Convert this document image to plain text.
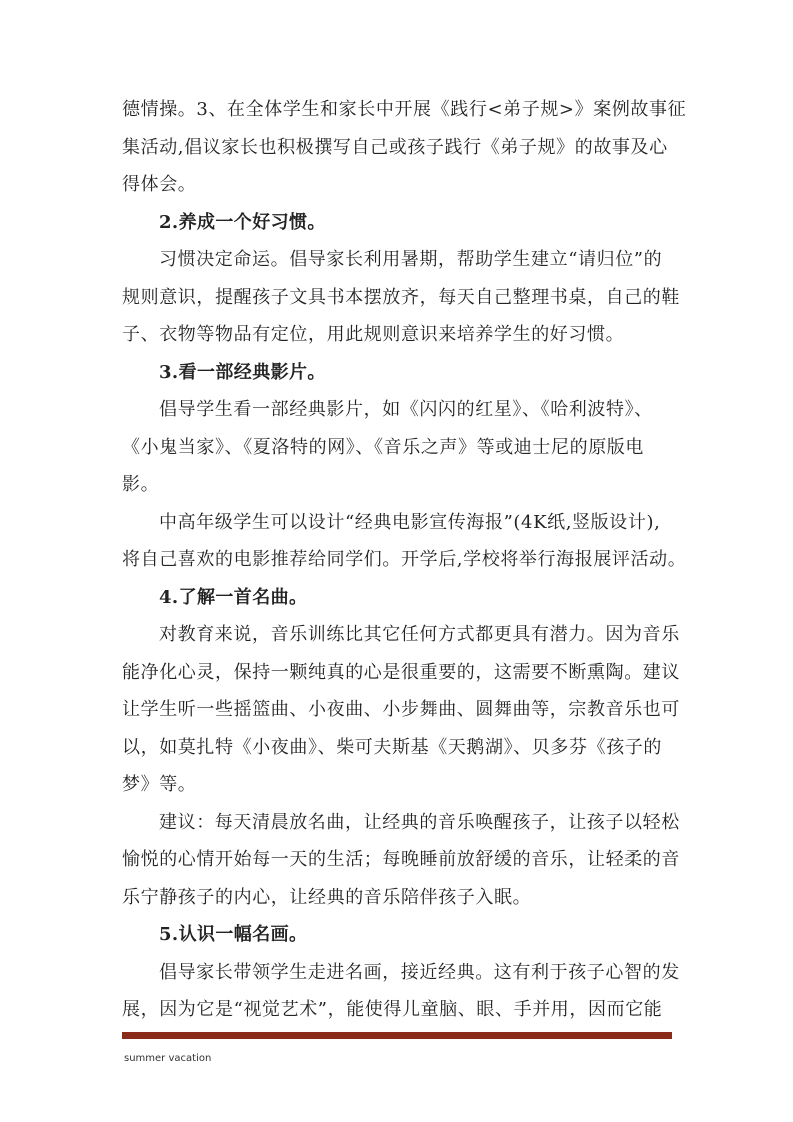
德情操。3、在全体学生和家长中开展《践行<弟子规>》案例故事征
集活动,倡议家长也积极撰写自己或孩子践行《弟子规》的故事及心
得体会。
2.养成一个好习惯。
习惯决定命运。倡导家长利用暑期，帮助学生建立“请归位”的
规则意识，提醒孩子文具书本摆放齐，每天自己整理书桌，自己的鞋
子、衣物等物品有定位，用此规则意识来培养学生的好习惯。
3.看一部经典影片。
倡导学生看一部经典影片，如《闪闪的红星》、《哈利波特》、
《小鬼当家》、《夏洛特的网》、《音乐之声》等或迪士尼的原版电
影。
中高年级学生可以设计“经典电影宣传海报”(4K纸,竖版设计),
将自己喜欢的电影推荐给同学们。开学后,学校将举行海报展评活动。
4.了解一首名曲。
对教育来说，音乐训练比其它任何方式都更具有潜力。因为音乐
能净化心灵，保持一颗纯真的心是很重要的，这需要不断熏陶。建议
让学生听一些摇篮曲、小夜曲、小步舞曲、圆舞曲等，宗教音乐也可
以，如莫扎特《小夜曲》、柴可夫斯基《天鹅湖》、贝多芬《孩子的
梦》等。
建议：每天清晨放名曲，让经典的音乐唤醒孩子，让孩子以轻松
愉悦的心情开始每一天的生活；每晚睡前放舒缓的音乐，让轻柔的音
乐宁静孩子的内心，让经典的音乐陪伴孩子入眠。
5.认识一幅名画。
倡导家长带领学生走进名画，接近经典。这有利于孩子心智的发
展，因为它是“视觉艺术”，能使得儿童脑、眼、手并用，因而它能
summer vacation
